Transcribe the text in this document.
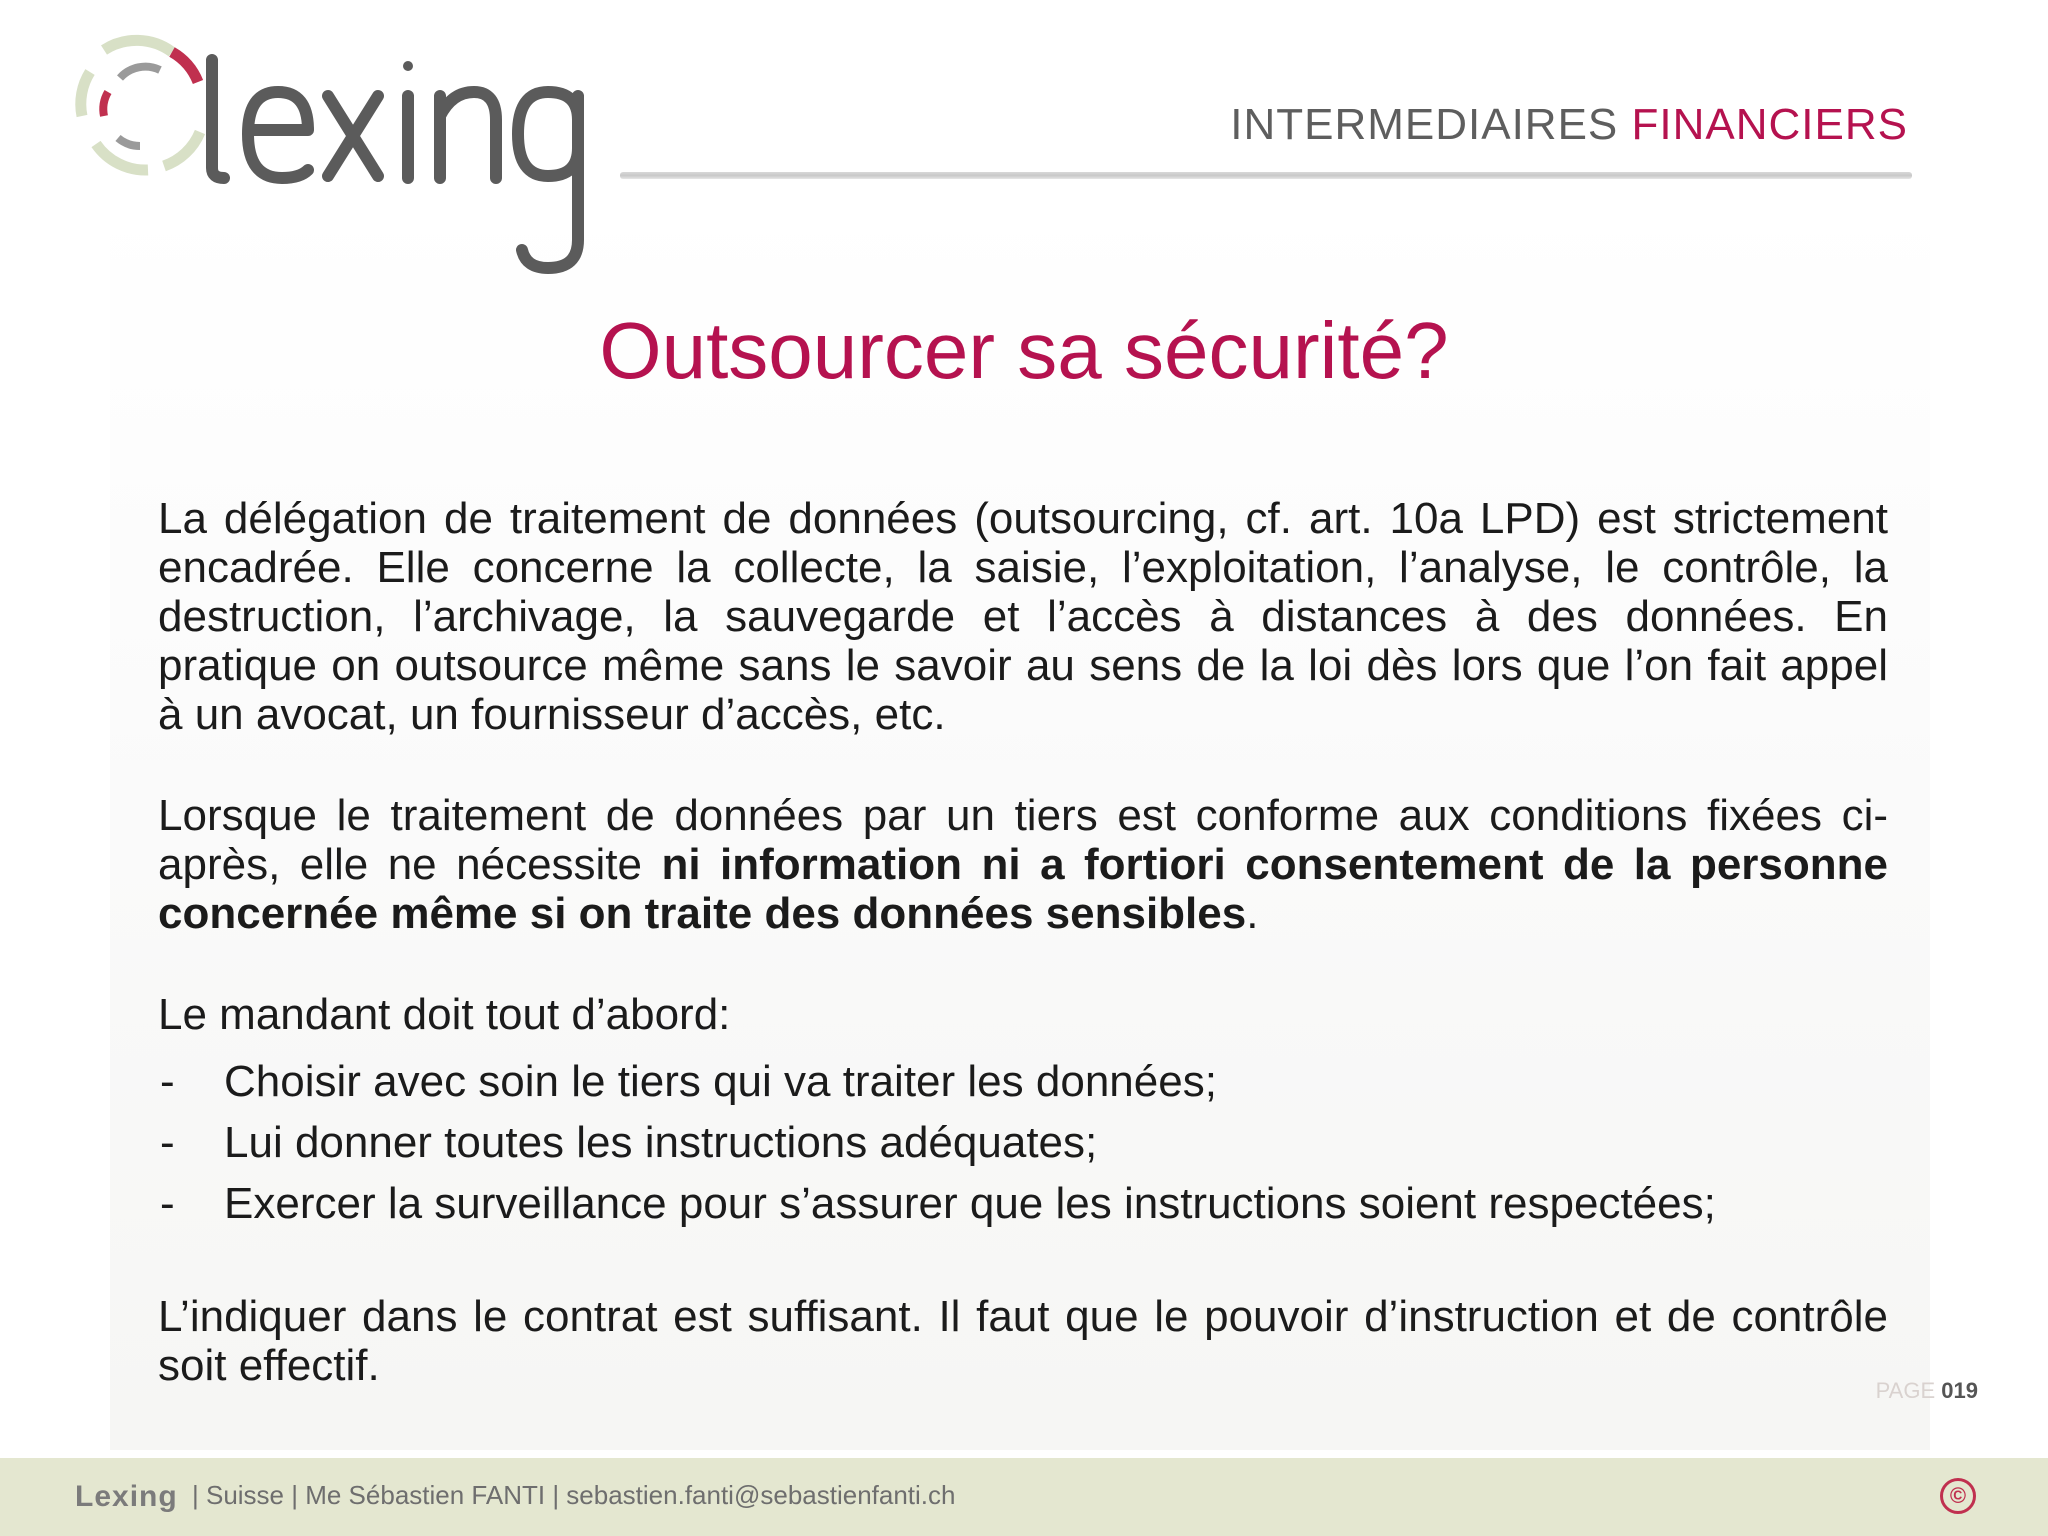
INTERMEDIAIRES FINANCIERS
Outsourcer sa sécurité?

La délégation de traitement de données (outsourcing, cf. art. 10a LPD) est strictement encadrée. Elle concerne la collecte, la saisie, l’exploitation, l’analyse, le contrôle, la destruction, l’archivage, la sauvegarde et l’accès à distances à des données. En pratique on outsource même sans le savoir au sens de la loi dès lors que l’on fait appel à un avocat, un fournisseur d’accès, etc.

Lorsque le traitement de données par un tiers est conforme aux conditions fixées ci-après, elle ne nécessite ni information ni a fortiori consentement de la personne concernée même si on traite des données sensibles.

Le mandant doit tout d’abord:

- Choisir avec soin le tiers qui va traiter les données;
- Lui donner toutes les instructions adéquates;
- Exercer la surveillance pour s’assurer que les instructions soient respectées;

L’indiquer dans le contrat est suffisant. Il faut que le pouvoir d’instruction et de contrôle soit effectif.

PAGE 019
Lexing | Suisse | Me Sébastien FANTI | sebastien.fanti@sebastienfanti.ch	©
